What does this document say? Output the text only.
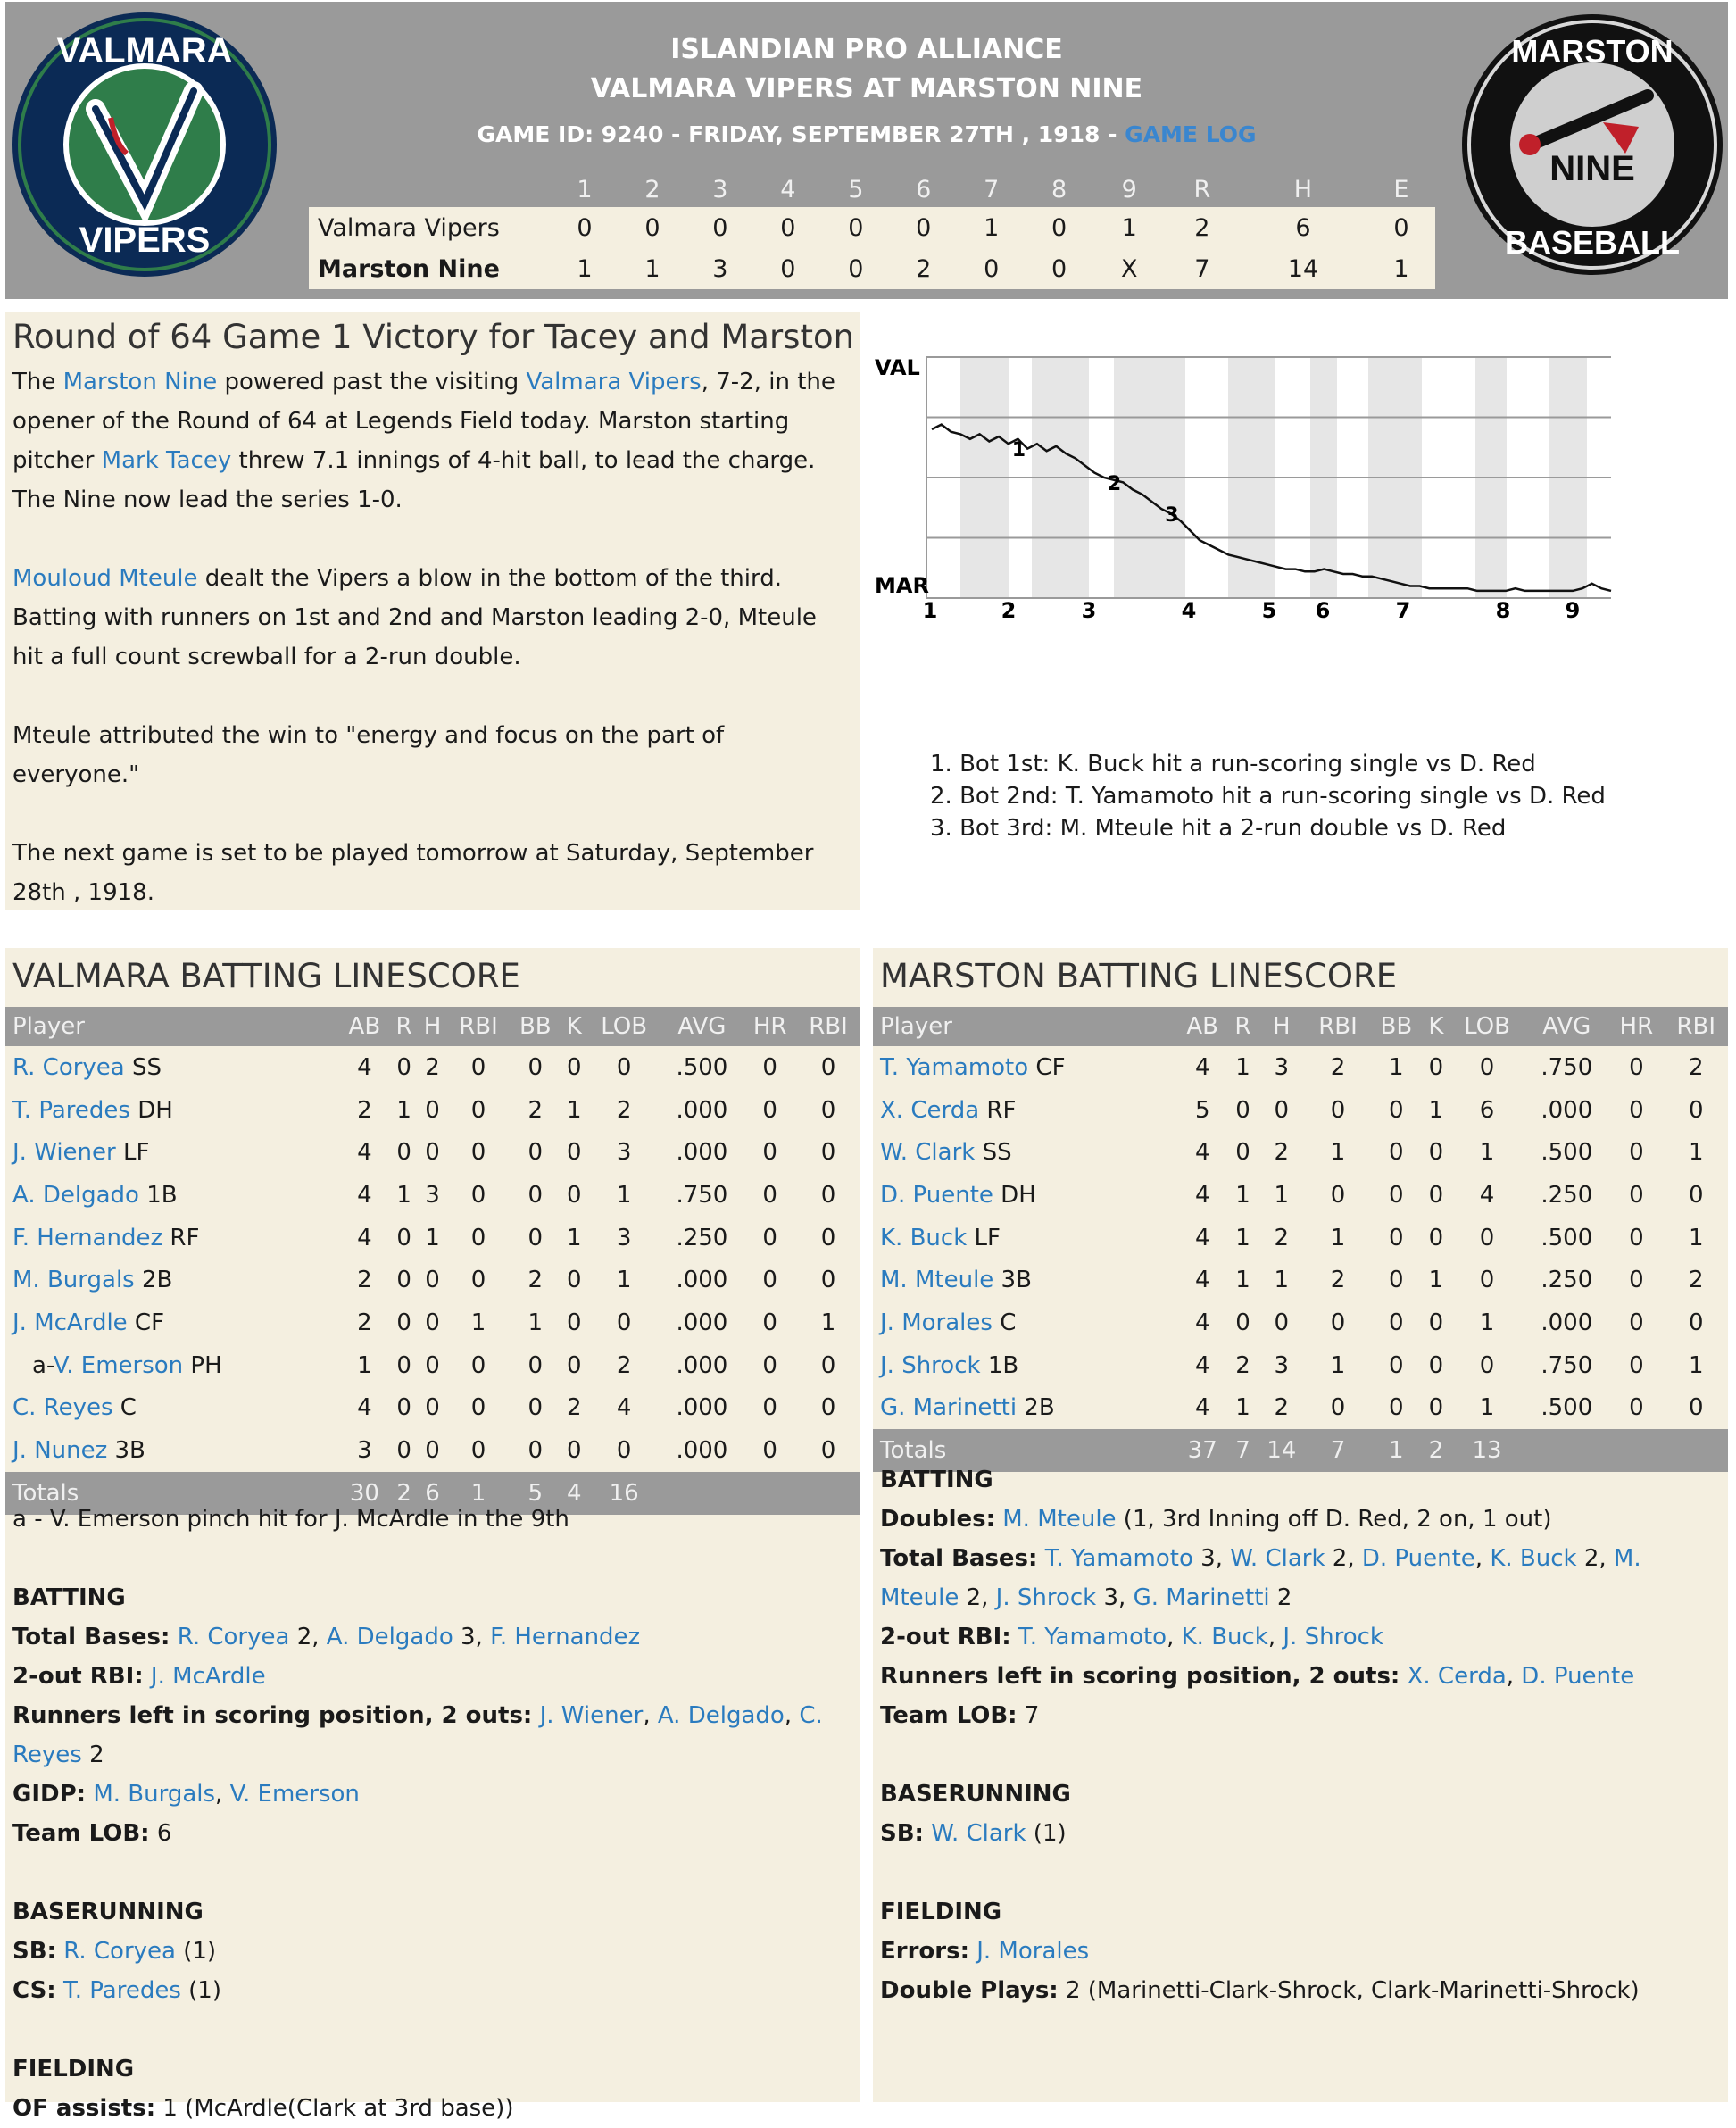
VALMARA
VIPERS
ISLANDIAN PRO ALLIANCE
VALMARA VIPERS AT MARSTON NINE
GAME ID: 9240 - FRIDAY, SEPTEMBER 27TH , 1918 - GAME LOG
	1	2	3	4	5	6	7	8	9	R	H	E
Valmara Vipers	0	0	0	0	0	0	1	0	1	2	6	0
Marston Nine	1	1	3	0	0	2	0	0	X	7	14	1
NINE
MARSTON
BASEBALL
Round of 64 Game 1 Victory for Tacey and Marston

The Marston Nine powered past the visiting Valmara Vipers, 7-2, in the opener of the Round of 64 at Legends Field today. Marston starting pitcher Mark Tacey threw 7.1 innings of 4-hit ball, to lead the charge. The Nine now lead the series 1-0.

Mouloud Mteule dealt the Vipers a blow in the bottom of the third. Batting with runners on 1st and 2nd and Marston leading 2-0, Mteule hit a full count screwball for a 2-run double.

Mteule attributed the win to "energy and focus on the part of everyone."

The next game is set to be played tomorrow at Saturday, September 28th , 1918.

VAL
MAR
1	2	3	4	5 6	7	8	9
1
2
3
1. Bot 1st: K. Buck hit a run-scoring single vs D. Red
2. Bot 2nd: T. Yamamoto hit a run-scoring single vs D. Red
3. Bot 3rd: M. Mteule hit a 2-run double vs D. Red
VALMARA BATTING LINESCORE
Player	AB	R	H	RBI	BB	K	LOB	AVG	HR	RBI
R. Coryea SS	4	0	2	0	0	0	0	.500	0	0
T. Paredes DH	2	1	0	0	2	1	2	.000	0	0
J. Wiener LF	4	0	0	0	0	0	3	.000	0	0
A. Delgado 1B	4	1	3	0	0	0	1	.750	0	0
F. Hernandez RF	4	0	1	0	0	1	3	.250	0	0
M. Burgals 2B	2	0	0	0	2	0	1	.000	0	0
J. McArdle CF	2	0	0	1	1	0	0	.000	0	1
a-V. Emerson PH	1	0	0	0	0	0	2	.000	0	0
C. Reyes C	4	0	0	0	0	2	4	.000	0	0
J. Nunez 3B	3	0	0	0	0	0	0	.000	0	0
Totals	30	2	6	1	5	4	16			

a - V. Emerson pinch hit for J. McArdle in the 9th

BATTING

Total Bases: R. Coryea 2, A. Delgado 3, F. Hernandez

2-out RBI: J. McArdle

Runners left in scoring position, 2 outs: J. Wiener, A. Delgado, C. Reyes 2

GIDP: M. Burgals, V. Emerson

Team LOB: 6

BASERUNNING

SB: R. Coryea (1)

CS: T. Paredes (1)

FIELDING

OF assists: 1 (McArdle(Clark at 3rd base))

MARSTON BATTING LINESCORE
Player	AB	R	H	RBI	BB	K	LOB	AVG	HR	RBI
T. Yamamoto CF	4	1	3	2	1	0	0	.750	0	2
X. Cerda RF	5	0	0	0	0	1	6	.000	0	0
W. Clark SS	4	0	2	1	0	0	1	.500	0	1
D. Puente DH	4	1	1	0	0	0	4	.250	0	0
K. Buck LF	4	1	2	1	0	0	0	.500	0	1
M. Mteule 3B	4	1	1	2	0	1	0	.250	0	2
J. Morales C	4	0	0	0	0	0	1	.000	0	0
J. Shrock 1B	4	2	3	1	0	0	0	.750	0	1
G. Marinetti 2B	4	1	2	0	0	0	1	.500	0	0
Totals	37	7	14	7	1	2	13			

BATTING

Doubles: M. Mteule (1, 3rd Inning off D. Red, 2 on, 1 out)

Total Bases: T. Yamamoto 3, W. Clark 2, D. Puente, K. Buck 2, M. Mteule 2, J. Shrock 3, G. Marinetti 2

2-out RBI: T. Yamamoto, K. Buck, J. Shrock

Runners left in scoring position, 2 outs: X. Cerda, D. Puente

Team LOB: 7

BASERUNNING

SB: W. Clark (1)

FIELDING

Errors: J. Morales

Double Plays: 2 (Marinetti-Clark-Shrock, Clark-Marinetti-Shrock)
